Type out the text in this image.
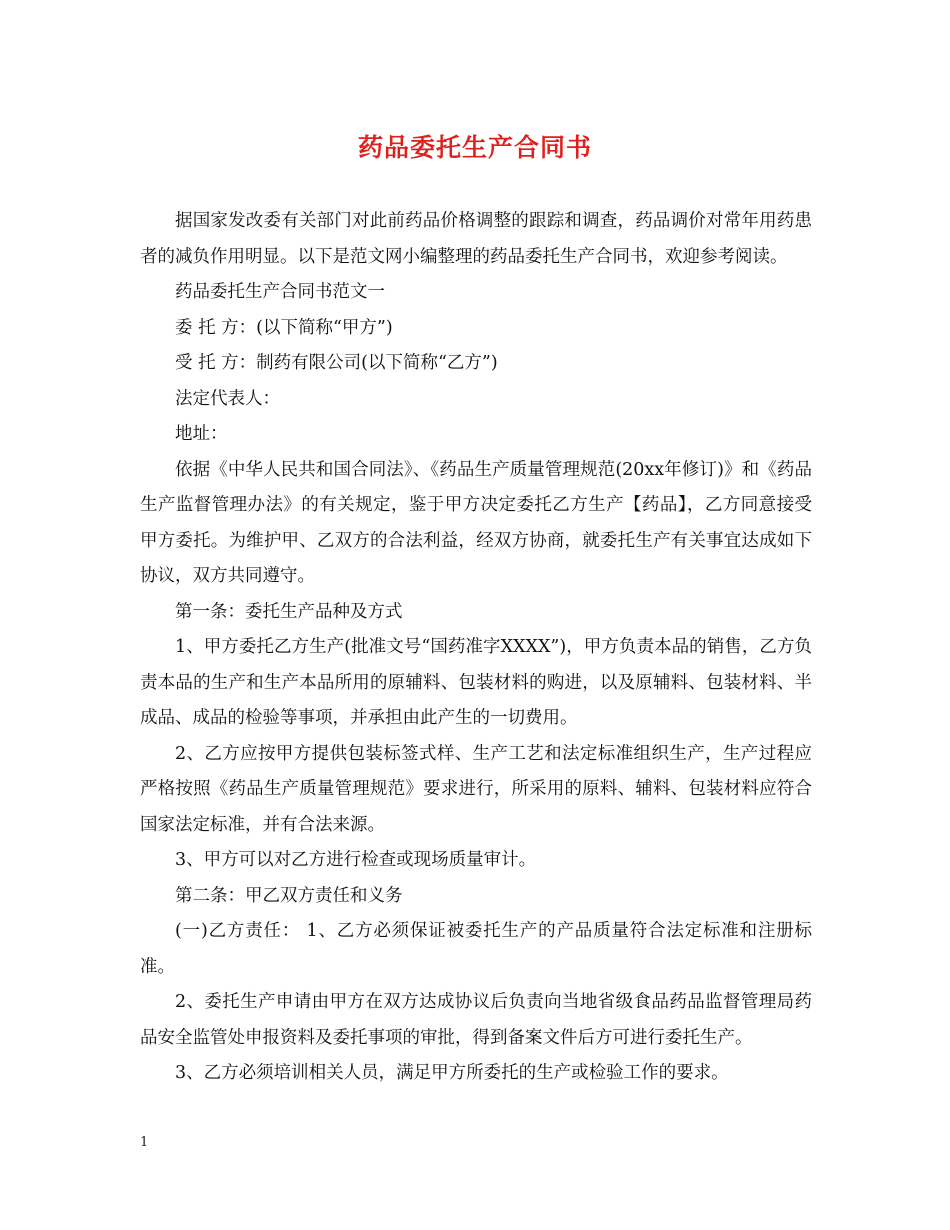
药品委托生产合同书

据国家发改委有关部门对此前药品价格调整的跟踪和调查，药品调价对常年用药患者的减负作用明显。以下是范文网小编整理的药品委托生产合同书，欢迎参考阅读。

药品委托生产合同书范文一

委 托 方：(以下简称“甲方”)

受 托 方：制药有限公司(以下简称“乙方”)

法定代表人：

地址：

依据《中华人民共和国合同法》、《药品生产质量管理规范(20xx年修订)》和《药品生产监督管理办法》的有关规定，鉴于甲方决定委托乙方生产【药品】，乙方同意接受甲方委托。为维护甲、乙双方的合法利益，经双方协商，就委托生产有关事宜达成如下协议，双方共同遵守。

第一条：委托生产品种及方式

1、甲方委托乙方生产(批准文号“国药准字XXXX”)，甲方负责本品的销售，乙方负责本品的生产和生产本品所用的原辅料、包装材料的购进，以及原辅料、包装材料、半成品、成品的检验等事项，并承担由此产生的一切费用。

2、乙方应按甲方提供包装标签式样、生产工艺和法定标准组织生产，生产过程应严格按照《药品生产质量管理规范》要求进行，所采用的原料、辅料、包装材料应符合国家法定标准，并有合法来源。

3、甲方可以对乙方进行检查或现场质量审计。

第二条：甲乙双方责任和义务

(一)乙方责任： 1、乙方必须保证被委托生产的产品质量符合法定标准和注册标准。

2、委托生产申请由甲方在双方达成协议后负责向当地省级食品药品监督管理局药品安全监管处申报资料及委托事项的审批，得到备案文件后方可进行委托生产。

3、乙方必须培训相关人员，满足甲方所委托的生产或检验工作的要求。

1
